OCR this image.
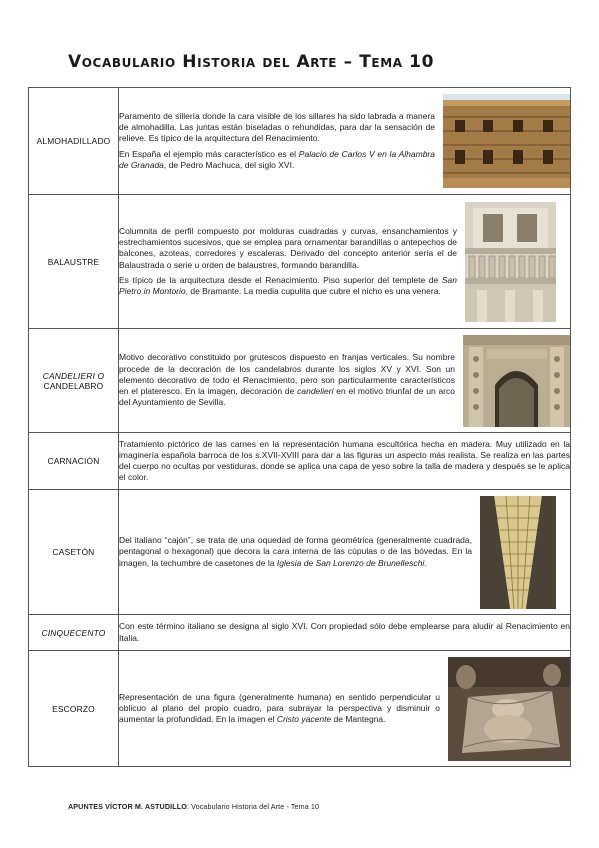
Vocabulario Historia del Arte – Tema 10
ALMOHADILLADO	Paramento de sillería donde la cara visible de los sillares ha sido labrada a manera de almohadilla. Las juntas están biseladas o rehundidas, para dar la sensación de relieve. Es típico de la arquitectura del Renacimiento.

En España el ejemplo más característico es el Palacio de Carlos V en la Alhambra de Granada, de Pedro Machuca, del siglo XVI.

BALAUSTRE	Columnita de perfil compuesto por molduras cuadradas y curvas, ensanchamientos y estrechamientos sucesivos, que se emplea para ornamentar barandillas o antepechos de balcones, azoteas, corredores y escaleras. Derivado del concepto anterior sería el de Balaustrada o serie u orden de balaustres, formando barandilla.

Es típico de la arquitectura desde el Renacimiento. Piso superior del templete de San Pietro in Montorio, de Bramante. La media cupulita que cubre el nicho es una venera.

CANDELIERI O
CANDELABRO	Motivo decorativo constituido por grutescos dispuesto en franjas verticales. Su nombre procede de la decoración de los candelabros durante los siglos XV y XVI. Son un elemento decorativo de todo el Renacimiento, pero son particularmente característicos en el plateresco. En la imagen, decoración de candelieri en el motivo triunfal de un arco del Ayuntamiento de Sevilla.

CARNACIÓN	Tratamiento pictórico de las carnes en la representación humana escultórica hecha en madera. Muy utilizado en la imaginería española barroca de los s.XVII-XVIII para dar a las figuras un aspecto más realista. Se realiza en las partes del cuerpo no ocultas por vestiduras, donde se aplica una capa de yeso sobre la talla de madera y después se le aplica el color.

CASETÓN	Del italiano “cajón”, se trata de una oquedad de forma geométrica (generalmente cuadrada, pentagonal o hexagonal) que decora la cara interna de las cúpulas o de las bóvedas. En la imagen, la techumbre de casetones de la Iglesia de San Lorenzo de Brunelleschi.

CINQUECENTO	Con este término italiano se designa al siglo XVI. Con propiedad sólo debe emplearse para aludir al Renacimiento en Italia.

ESCORZO	Representación de una figura (generalmente humana) en sentido perpendicular u oblicuo al plano del propio cuadro, para subrayar la perspectiva y disminuir o aumentar la profundidad. En la imagen el Cristo yacente de Mantegna.

APUNTES VÍCTOR M. ASTUDILLO: Vocabulario Historia del Arte - Tema 10
